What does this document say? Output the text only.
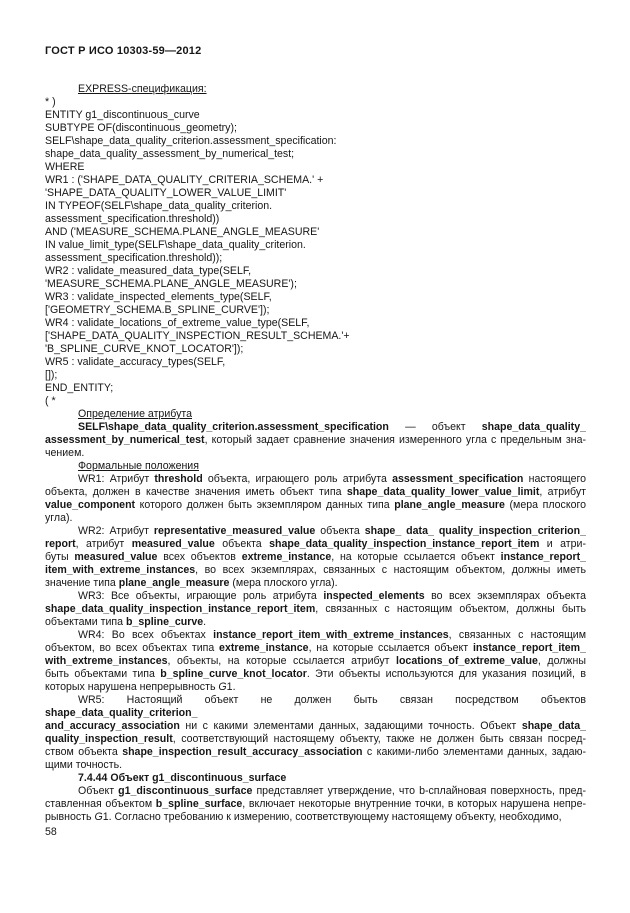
ГОСТ Р ИСО 10303-59—2012
EXPRESS-спецификация:
* )
ENTITY g1_discontinuous_curve
SUBTYPE OF(discontinuous_geometry);
SELF\shape_data_quality_criterion.assessment_specification:
shape_data_quality_assessment_by_numerical_test;
WHERE
WR1 : ('SHAPE_DATA_QUALITY_CRITERIA_SCHEMA.' +
'SHAPE_DATA_QUALITY_LOWER_VALUE_LIMIT'
IN TYPEOF(SELF\shape_data_quality_criterion.
assessment_specification.threshold))
AND ('MEASURE_SCHEMA.PLANE_ANGLE_MEASURE'
IN value_limit_type(SELF\shape_data_quality_criterion.
assessment_specification.threshold));
WR2 : validate_measured_data_type(SELF,
'MEASURE_SCHEMA.PLANE_ANGLE_MEASURE');
WR3 : validate_inspected_elements_type(SELF,
['GEOMETRY_SCHEMA.B_SPLINE_CURVE']);
WR4 : validate_locations_of_extreme_value_type(SELF,
['SHAPE_DATA_QUALITY_INSPECTION_RESULT_SCHEMA.'+
'B_SPLINE_CURVE_KNOT_LOCATOR']);
WR5 : validate_accuracy_types(SELF,
[]);
END_ENTITY;
( *
Определение атрибута
SELF\shape_data_quality_criterion.assessment_specification — объект shape_data_quality_
assessment_by_numerical_test, который задает сравнение значения измеренного угла с предельным зна-
чением.
Формальные положения
WR1: Атрибут threshold объекта, играющего роль атрибута assessment_specification настоящего
объекта, должен в качестве значения иметь объект типа shape_data_quality_lower_value_limit, атрибут
value_component которого должен быть экземпляром данных типа plane_angle_measure (мера плоского
угла).
WR2: Атрибут representative_measured_value объекта shape_ data_ quality_inspection_criterion_
report, атрибут measured_value объекта shape_data_quality_inspection_instance_report_item и атри-
буты measured_value всех объектов extreme_instance, на которые ссылается объект instance_report_
item_with_extreme_instances, во всех экземплярах, связанных с настоящим объектом, должны иметь
значение типа plane_angle_measure (мера плоского угла).
WR3: Все объекты, играющие роль атрибута inspected_elements во всех экземплярах объекта
shape_data_quality_inspection_instance_report_item, связанных с настоящим объектом, должны быть
объектами типа b_spline_curve.
WR4: Во всех объектах instance_report_item_with_extreme_instances, связанных с настоящим
объектом, во всех объектах типа extreme_instance, на которые ссылается объект instance_report_item_
with_extreme_instances, объекты, на которые ссылается атрибут locations_of_extreme_value, должны
быть объектами типа b_spline_curve_knot_locator. Эти объекты используются для указания позиций, в
которых нарушена непрерывность G1.
WR5: Настоящий объект не должен быть связан посредством объектов shape_data_quality_criterion_
and_accuracy_association ни с какими элементами данных, задающими точность. Объект shape_data_
quality_inspection_result, соответствующий настоящему объекту, также не должен быть связан посред-
ством объекта shape_inspection_result_accuracy_association с какими-либо элементами данных, задаю-
щими точность.
7.4.44 Объект g1_discontinuous_surface
Объект g1_discontinuous_surface представляет утверждение, что b-сплайновая поверхность, пред-
ставленная объектом b_spline_surface, включает некоторые внутренние точки, в которых нарушена непре-
рывность G1. Согласно требованию к измерению, соответствующему настоящему объекту, необходимо,
58
